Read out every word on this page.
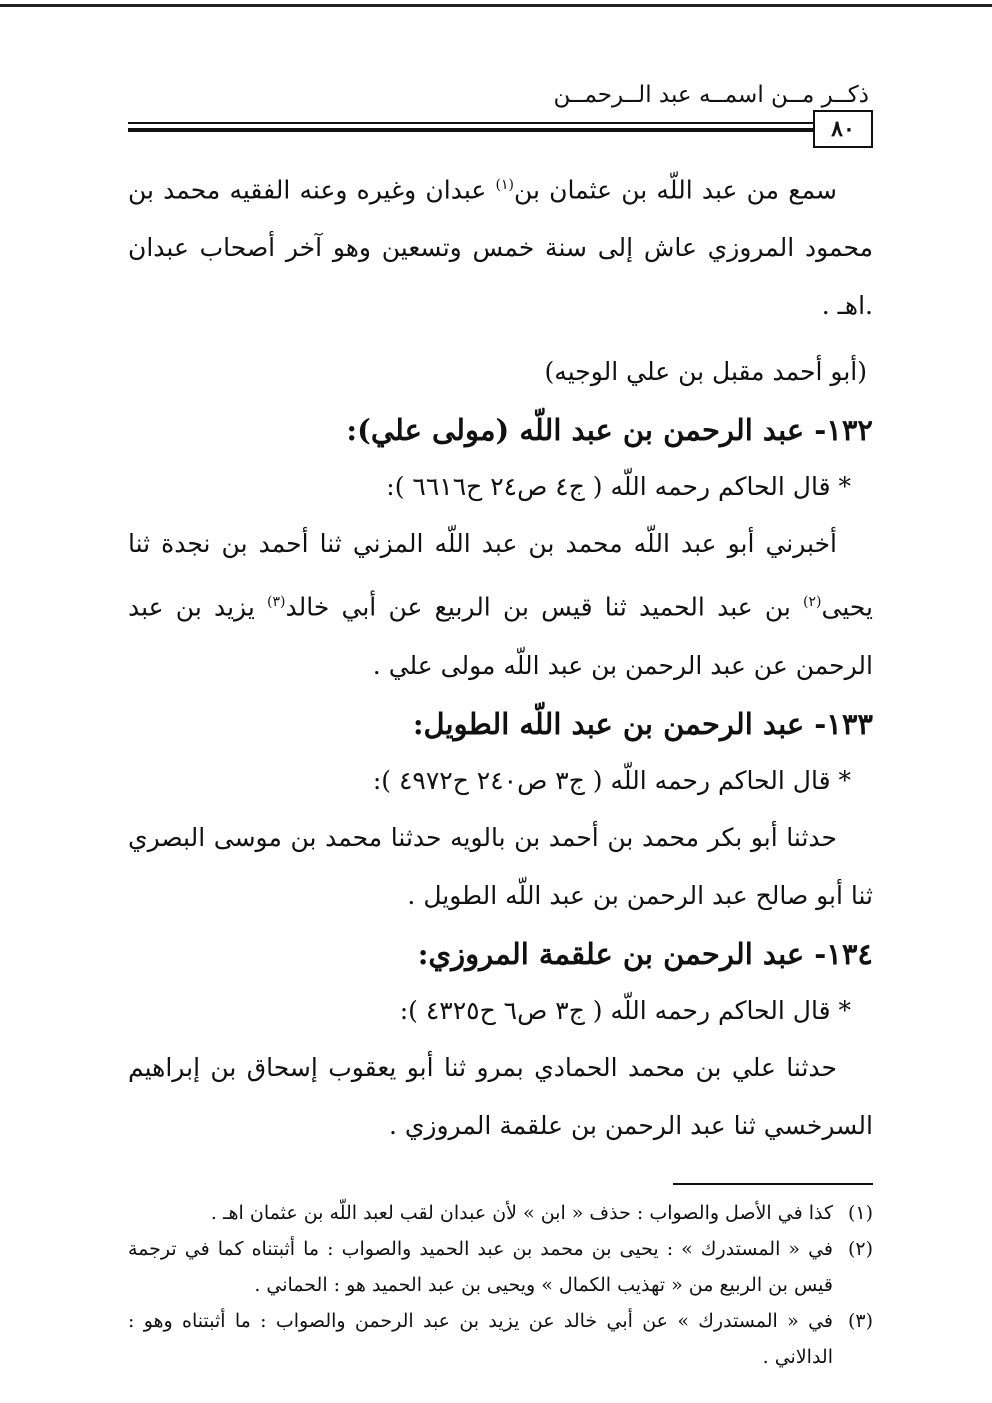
ذكــر مــن اسمــه عبد الــرحمــن
٨٠

سمع من عبد اللّه بن عثمان بن$^{(١)}$ عبدان وغيره وعنه الفقيه محمد بن محمود المروزي عاش إلى سنة خمس وتسعين وهو آخر أصحاب عبدان .اهـ .

(أبو أحمد مقبل بن علي الوجيه)

١٣٢- عبد الرحمن بن عبد اللّه (مولى علي):
* قال الحاكم رحمه اللّه ( ج٤ ص٢٤ ح٦٦١٦ ):

أخبرني أبو عبد اللّه محمد بن عبد اللّه المزني ثنا أحمد بن نجدة ثنا يحيى$^{(٢)}$ بن عبد الحميد ثنا قيس بن الربيع عن أبي خالد$^{(٣)}$ يزيد بن عبد الرحمن عن عبد الرحمن بن عبد اللّه مولى علي .

١٣٣- عبد الرحمن بن عبد اللّه الطويل:
* قال الحاكم رحمه اللّه ( ج٣ ص٢٤٠ ح٤٩٧٢ ):

حدثنا أبو بكر محمد بن أحمد بن بالويه حدثنا محمد بن موسى البصري ثنا أبو صالح عبد الرحمن بن عبد اللّه الطويل .

١٣٤- عبد الرحمن بن علقمة المروزي:
* قال الحاكم رحمه اللّه ( ج٣ ص٦ ح٤٣٢٥ ):

حدثنا علي بن محمد الحمادي بمرو ثنا أبو يعقوب إسحاق بن إبراهيم السرخسي ثنا عبد الرحمن بن علقمة المروزي .

(١)
كذا في الأصل والصواب : حذف « ابن » لأن عبدان لقب لعبد اللّه بن عثمان اهـ .
(٢)
في « المستدرك » : يحيى بن محمد بن عبد الحميد والصواب : ما أثبتناه كما في ترجمة قيس بن الربيع من « تهذيب الكمال » ويحيى بن عبد الحميد هو : الحماني .
(٣)
في « المستدرك » عن أبي خالد عن يزيد بن عبد الرحمن والصواب : ما أثبتناه وهو : الدالاني .
